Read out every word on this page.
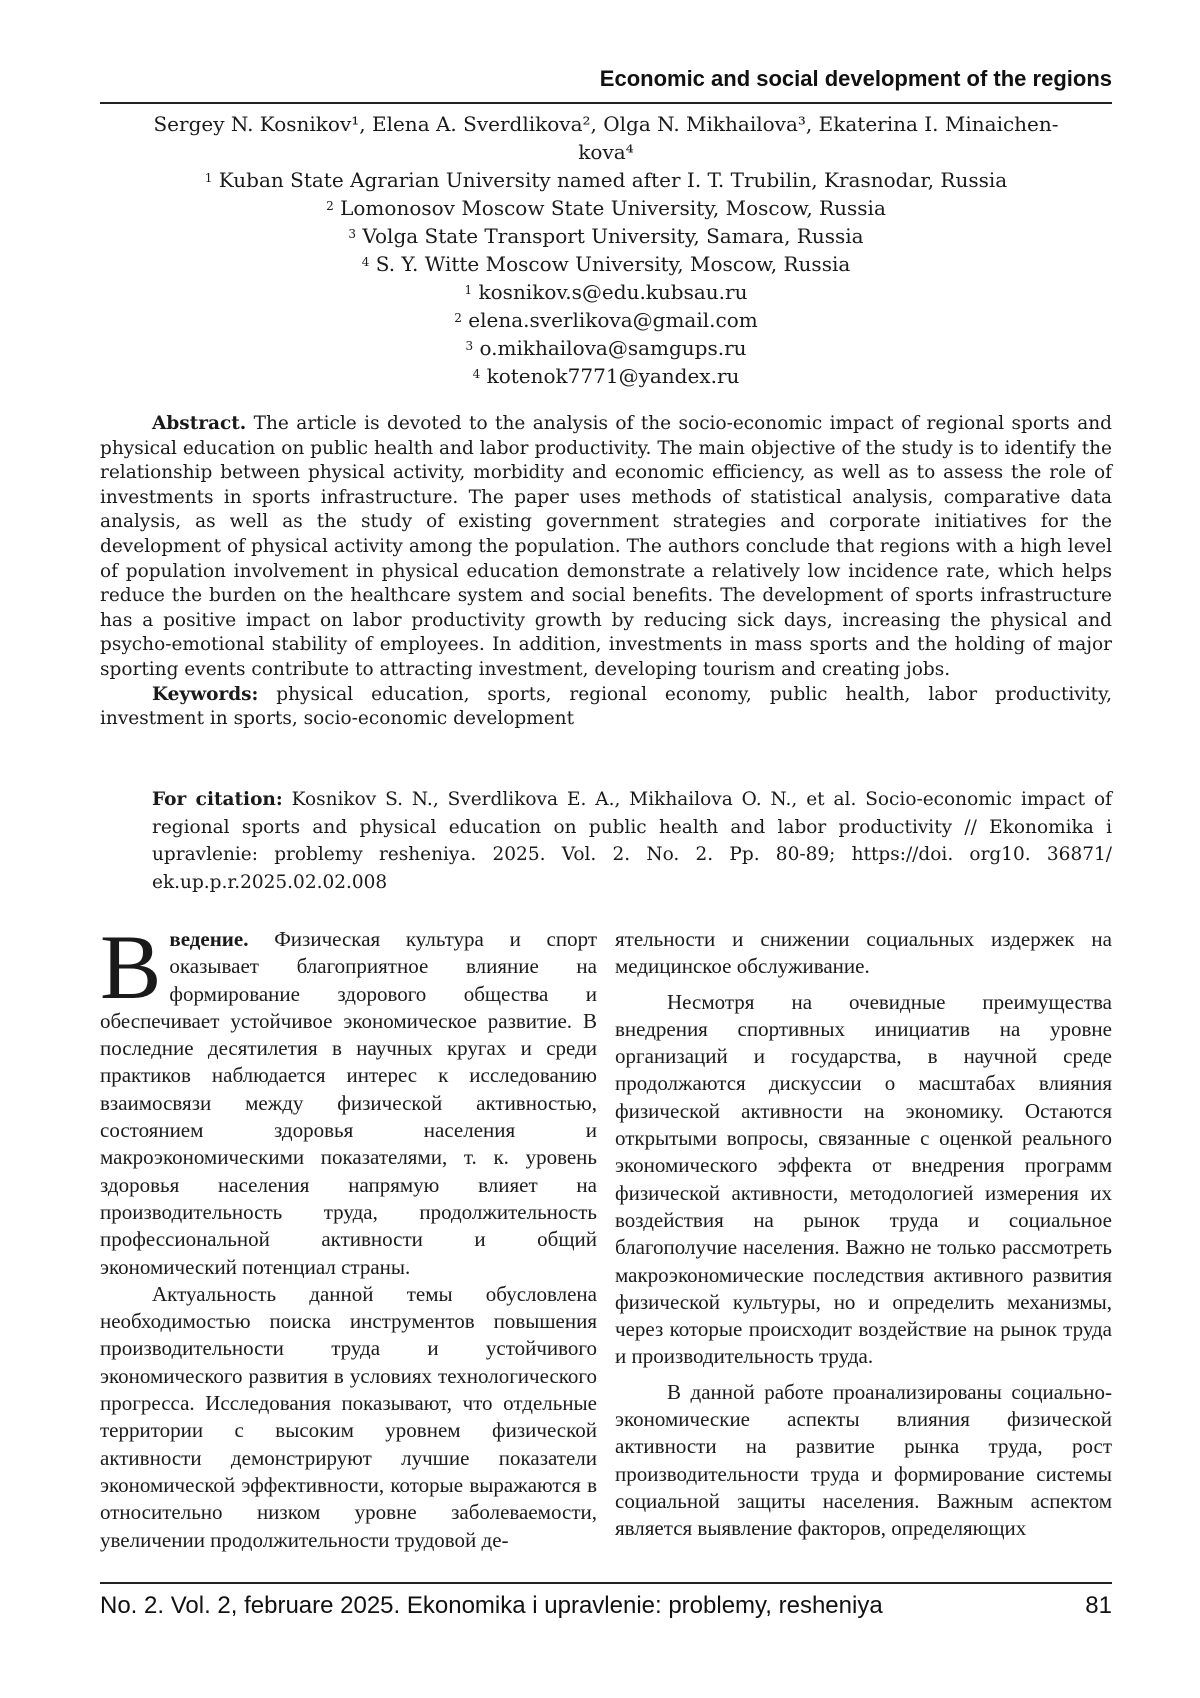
Economic and social development of the regions
Sergey N. Kosnikov¹, Elena A. Sverdlikova², Olga N. Mikhailova³, Ekaterina I. Minaichen-
kova⁴
$^1$ Kuban State Agrarian University named after I. T. Trubilin, Krasnodar, Russia
$^2$ Lomonosov Moscow State University, Moscow, Russia
$^3$ Volga State Transport University, Samara, Russia
$^4$ S. Y. Witte Moscow University, Moscow, Russia
$^1$ kosnikov.s@edu.kubsau.ru
$^2$ elena.sverlikova@gmail.com
$^3$ o.mikhailova@samgups.ru
$^4$ kotenok7771@yandex.ru

Abstract. The article is devoted to the analysis of the socio-economic impact of regional sports and physical education on public health and labor productivity. The main objective of the study is to identify the relationship between physical activity, morbidity and economic efficiency, as well as to assess the role of investments in sports infrastructure. The paper uses methods of statistical analysis, comparative data analysis, as well as the study of existing government strategies and corporate initiatives for the development of physical activity among the population. The authors conclude that regions with a high level of population involvement in physical education demonstrate a relatively low incidence rate, which helps reduce the burden on the healthcare system and social benefits. The development of sports infrastructure has a positive impact on labor productivity growth by reducing sick days, increasing the physical and psycho-emotional stability of employees. In addition, investments in mass sports and the holding of major sporting events contribute to attracting investment, developing tourism and creating jobs.

Keywords: physical education, sports, regional economy, public health, labor productivity, investment in sports, socio-economic development

For citation: Kosnikov S. N., Sverdlikova E. A., Mikhailova O. N., et al. Socio-economic impact of regional sports and physical education on public health and labor productivity // Ekonomika i upravlenie: problemy resheniya. 2025. Vol. 2. No. 2. Pp. 80-89; https://doi. org10. 36871/ ek.up.p.r.2025.02.02.008

Введение. Физическая культура и спорт оказывает благоприятное влияние на формирование здорового общества и обеспечивает устойчивое экономическое развитие. В последние десятилетия в научных кругах и среди практиков наблюдается интерес к исследованию взаимосвязи между физической активностью, состоянием здоровья населения и макроэкономическими показателями, т. к. уровень здоровья населения напрямую влияет на производительность труда, продолжительность профессиональной активности и общий экономический потенциал страны.

Актуальность данной темы обусловлена необходимостью поиска инструментов повышения производительности труда и устойчивого экономического развития в условиях технологического прогресса. Исследования показывают, что отдельные территории с высоким уровнем физической активности демонстрируют лучшие показатели экономической эффективности, которые выражаются в относительно низком уровне заболеваемости, увеличении продолжительности трудовой де-

ятельности и снижении социальных издержек на медицинское обслуживание.

Несмотря на очевидные преимущества внедрения спортивных инициатив на уровне организаций и государства, в научной среде продолжаются дискуссии о масштабах влияния физической активности на экономику. Остаются открытыми вопросы, связанные с оценкой реального экономического эффекта от внедрения программ физической активности, методологией измерения их воздействия на рынок труда и социальное благополучие населения. Важно не только рассмотреть макроэкономические последствия активного развития физической культуры, но и определить механизмы, через которые происходит воздействие на рынок труда и производительность труда.

В данной работе проанализированы социально-экономические аспекты влияния физической активности на развитие рынка труда, рост производительности труда и формирование системы социальной защиты населения. Важным аспектом является выявление факторов, определяющих

No. 2. Vol. 2, februare 2025. Ekonomika i upravlenie: problemy, resheniya	81
